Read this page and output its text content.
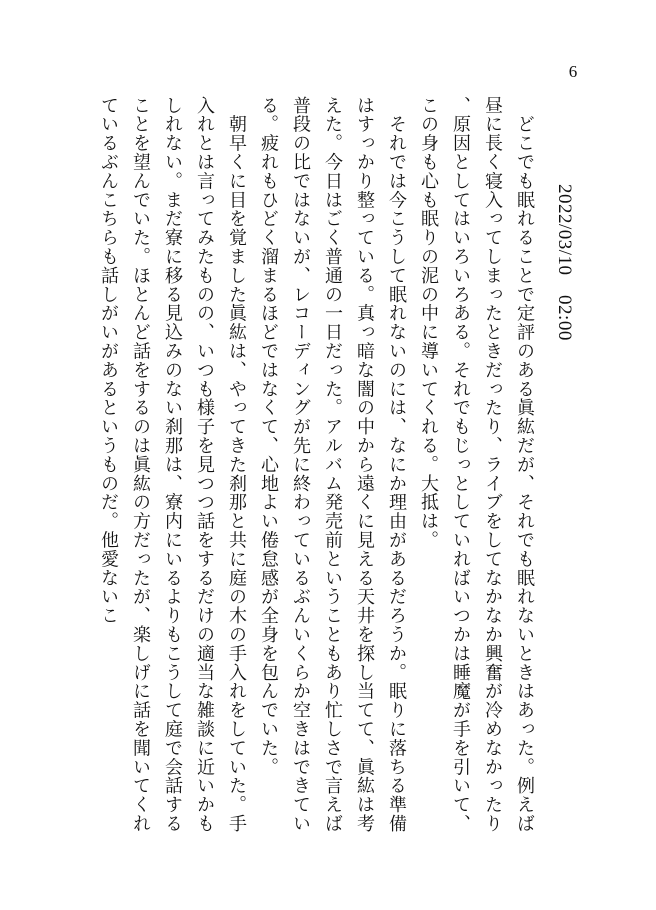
6
2022/03/10　02:00

　どこでも眠れることで定評のある眞紘だが、それでも眠れないときはあった。例えば昼に長く寝入ってしまったときだったり、ライブをしてなかなか興奮が冷めなかったり、原因としてはいろいろある。それでもじっとしていればいつかは睡魔が手を引いて、この身も心も眠りの泥の中に導いてくれる。大抵は。

　それでは今こうして眠れないのには、なにか理由があるだろうか。眠りに落ちる準備はすっかり整っている。真っ暗な闇の中から遠くに見える天井を探し当てて、眞紘は考えた。今日はごく普通の一日だった。アルバム発売前ということもあり忙しさで言えば普段の比ではないが、レコーディングが先に終わっているぶんいくらか空きはできている。疲れもひどく溜まるほどではなくて、心地よい倦怠感が全身を包んでいた。

　朝早くに目を覚ました眞紘は、やってきた刹那と共に庭の木の手入れをしていた。手入れとは言ってみたものの、いつも様子を見つつ話をするだけの適当な雑談に近いかもしれない。まだ寮に移る見込みのない刹那は、寮内にいるよりもこうして庭で会話することを望んでいた。ほとんど話をするのは眞紘の方だったが、楽しげに話を聞いてくれているぶんこちらも話しがいがあるというものだ。他愛ないこ
